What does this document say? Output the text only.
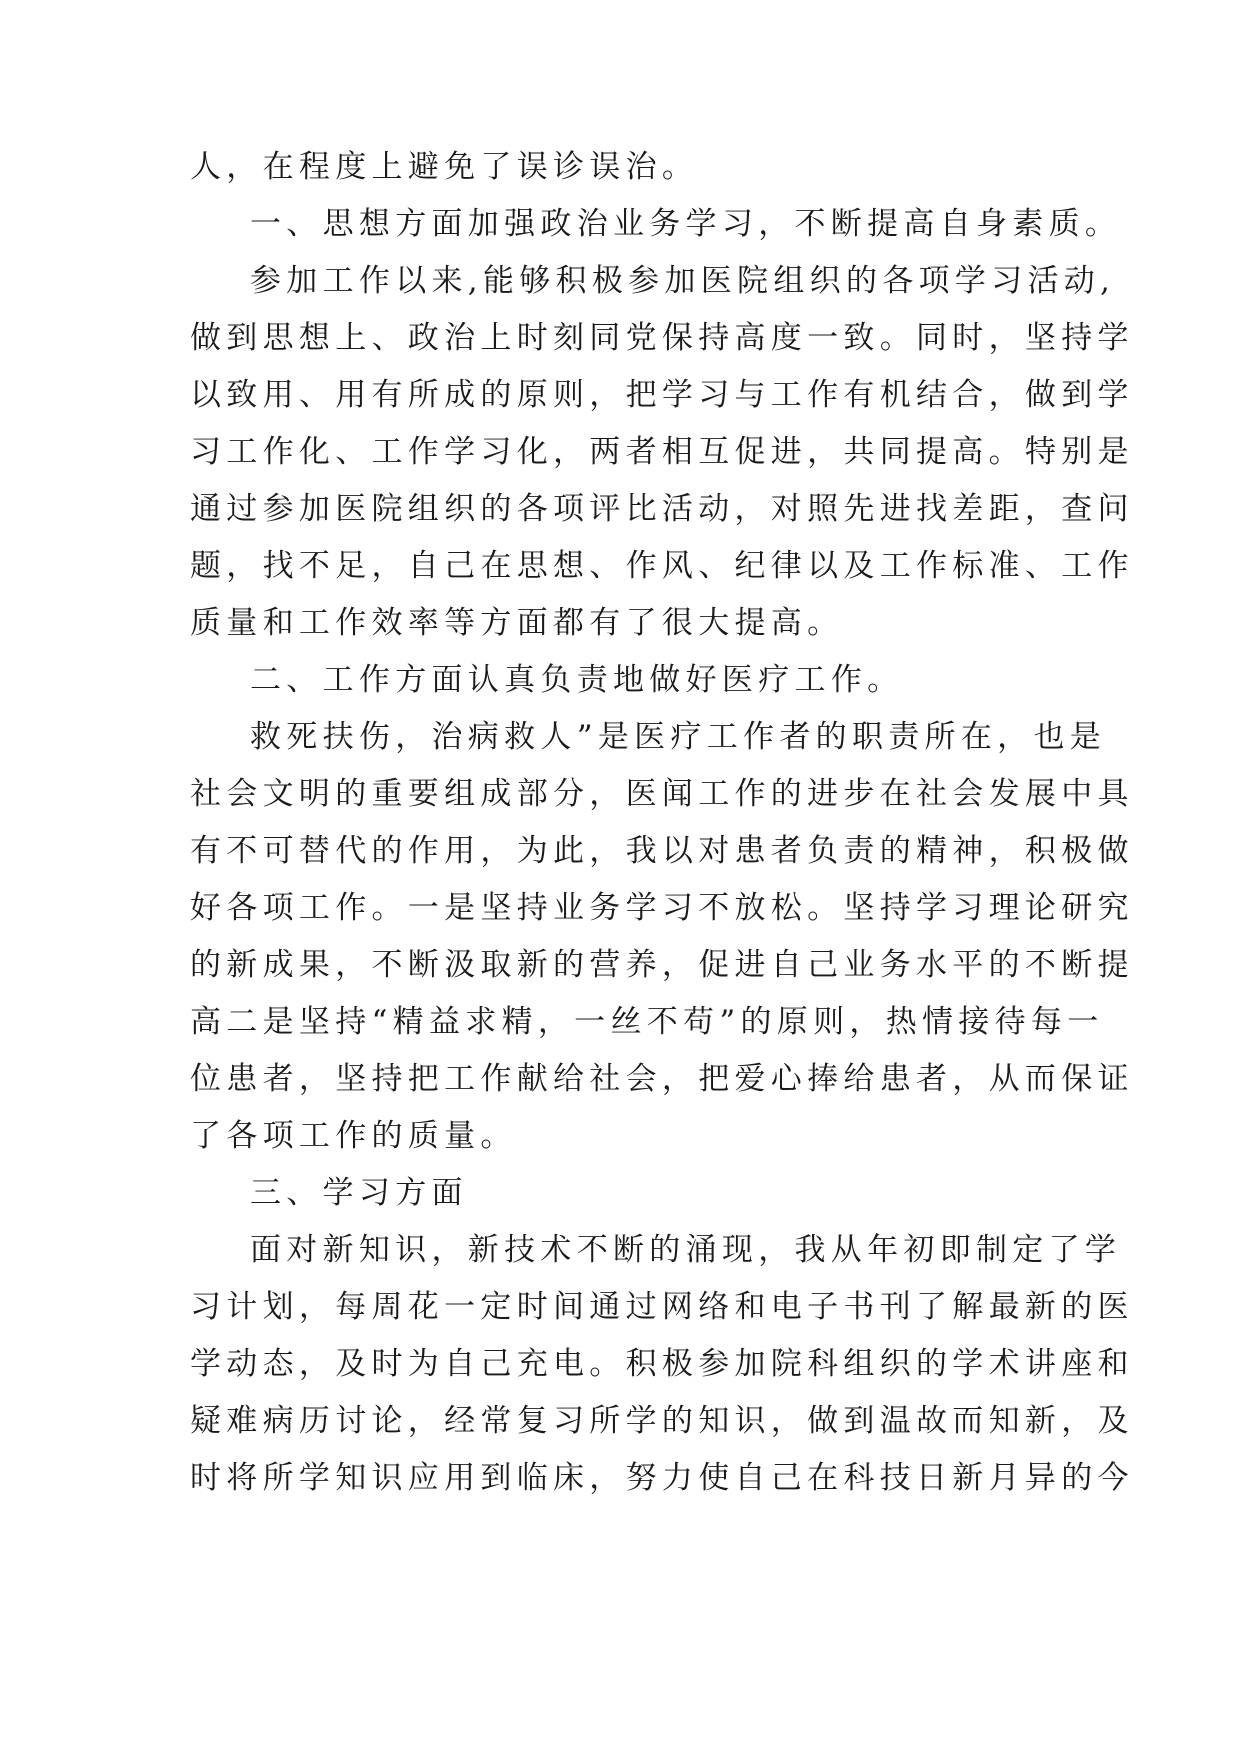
人，在程度上避免了误诊误治。
一、思想方面加强政治业务学习，不断提高自身素质。
参加工作以来,能够积极参加医院组织的各项学习活动,
做到思想上、政治上时刻同党保持高度一致。同时，坚持学
以致用、用有所成的原则，把学习与工作有机结合，做到学
习工作化、工作学习化，两者相互促进，共同提高。特别是
通过参加医院组织的各项评比活动，对照先进找差距，查问
题，找不足，自己在思想、作风、纪律以及工作标准、工作
质量和工作效率等方面都有了很大提高。
二、工作方面认真负责地做好医疗工作。
救死扶伤，治病救人”是医疗工作者的职责所在，也是
社会文明的重要组成部分，医闻工作的进步在社会发展中具
有不可替代的作用，为此，我以对患者负责的精神，积极做
好各项工作。一是坚持业务学习不放松。坚持学习理论研究
的新成果，不断汲取新的营养，促进自己业务水平的不断提
高二是坚持“精益求精，一丝不苟”的原则，热情接待每一
位患者，坚持把工作献给社会，把爱心捧给患者，从而保证
了各项工作的质量。
三、学习方面
面对新知识，新技术不断的涌现，我从年初即制定了学
习计划，每周花一定时间通过网络和电子书刊了解最新的医
学动态，及时为自己充电。积极参加院科组织的学术讲座和
疑难病历讨论，经常复习所学的知识，做到温故而知新，及
时将所学知识应用到临床，努力使自己在科技日新月异的今
